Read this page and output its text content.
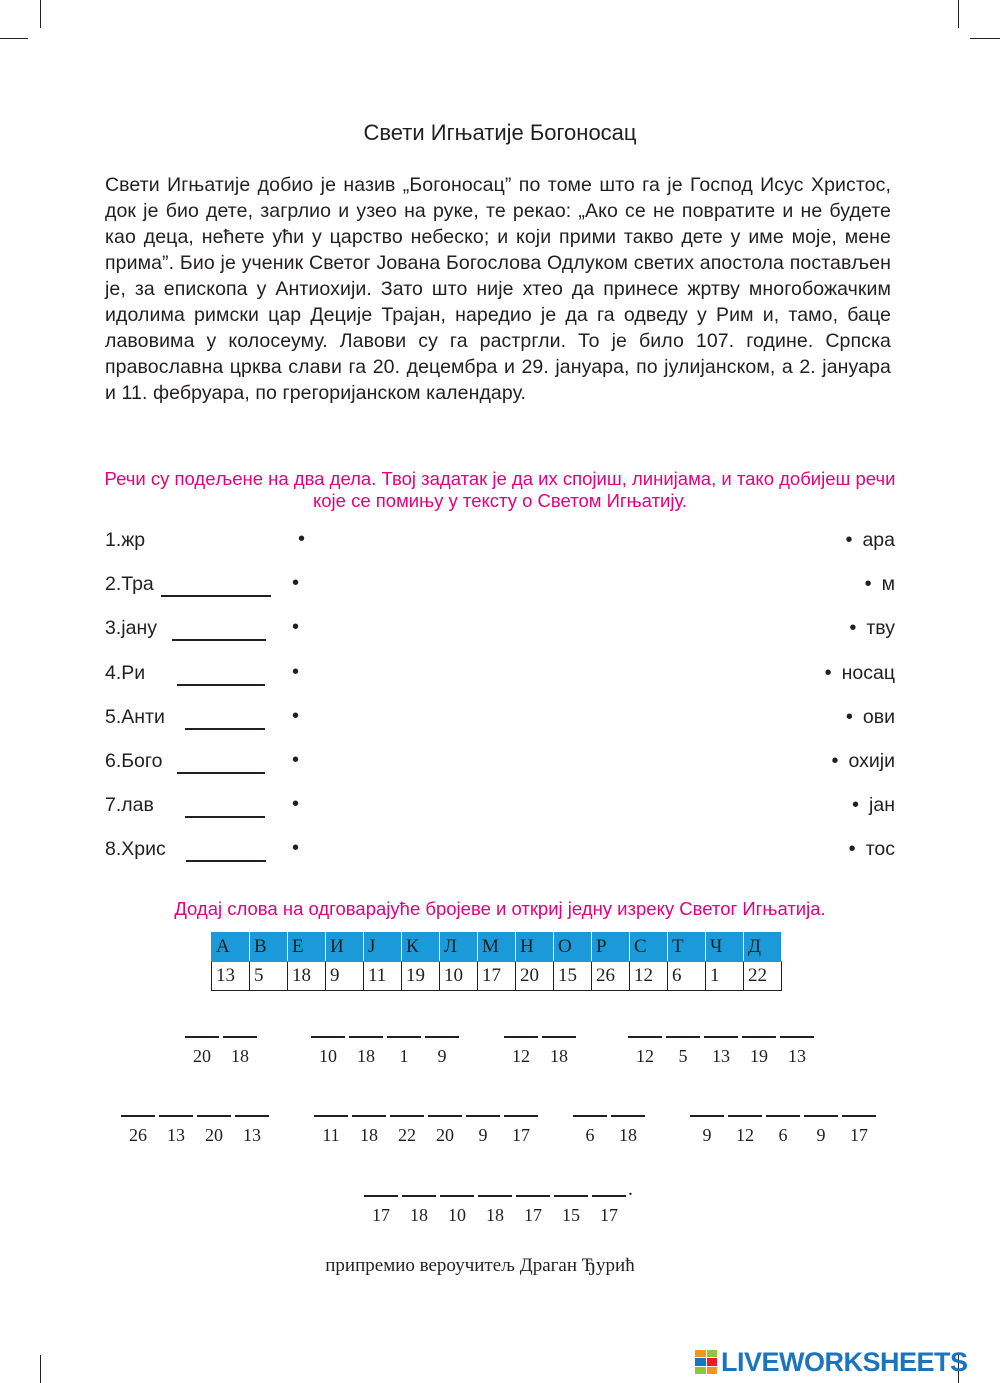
Свети Игњатије Богоносац
Свети Игњатије добио је назив „Богоносац” по томе што га је Господ Исус Христос, док је био дете, загрлио и узео на руке, те рекао: „Ако се не повратите и не будете као деца, нећете ући у царство небеско; и који прими такво дете у име моје, мене прима”. Био је ученик Светог Јована Богослова Одлуком светих апостола постављен је, за епископа у Антиохији. Зато што није хтео да принесе жртву многобожачким идолима римски цар Децијe Трајан, наредио је да га одведу у Рим и, тамо, баце лавовима у колосеуму. Лавови су га растргли. То је било 107. године. Српска православна црква слави га 20. децембра и 29. јануара, по јулијанском, а 2. јануара и 11. фебруара, по грегоријанском календару.
Речи су подељене на два дела. Твој задатак је да их спојиш, линијама, и тако добијеш речи које се помињу у тексту о Светом Игњатију.
1.жр	•	• ара
2.Тра	•	• м
3.јану	•	• тву
4.Ри	•	• носац
5.Анти	•	• ови
6.Бого	•	• охији
7.лав	•	• јан
8.Хрис	•	• тос
Додај слова на одговарајуће бројеве и откриј једну изреку Светог Игњатија.
А	В	Е	И	Ј	К	Л	М	Н	О	Р	С	Т	Ч	Д
13	5	18	9	11	19	10	17	20	15	26	12	6	1	22
20	18	10	18	1	9	12	18	12	5	13	19	13
26	13	20	13	11	18	22	20	9	17	6	18	9	12	6	9	17
17	18	10	18	17	15	17
.
припремио вероучитељ Драган Ђурић
LIVEWORKSHEETS
